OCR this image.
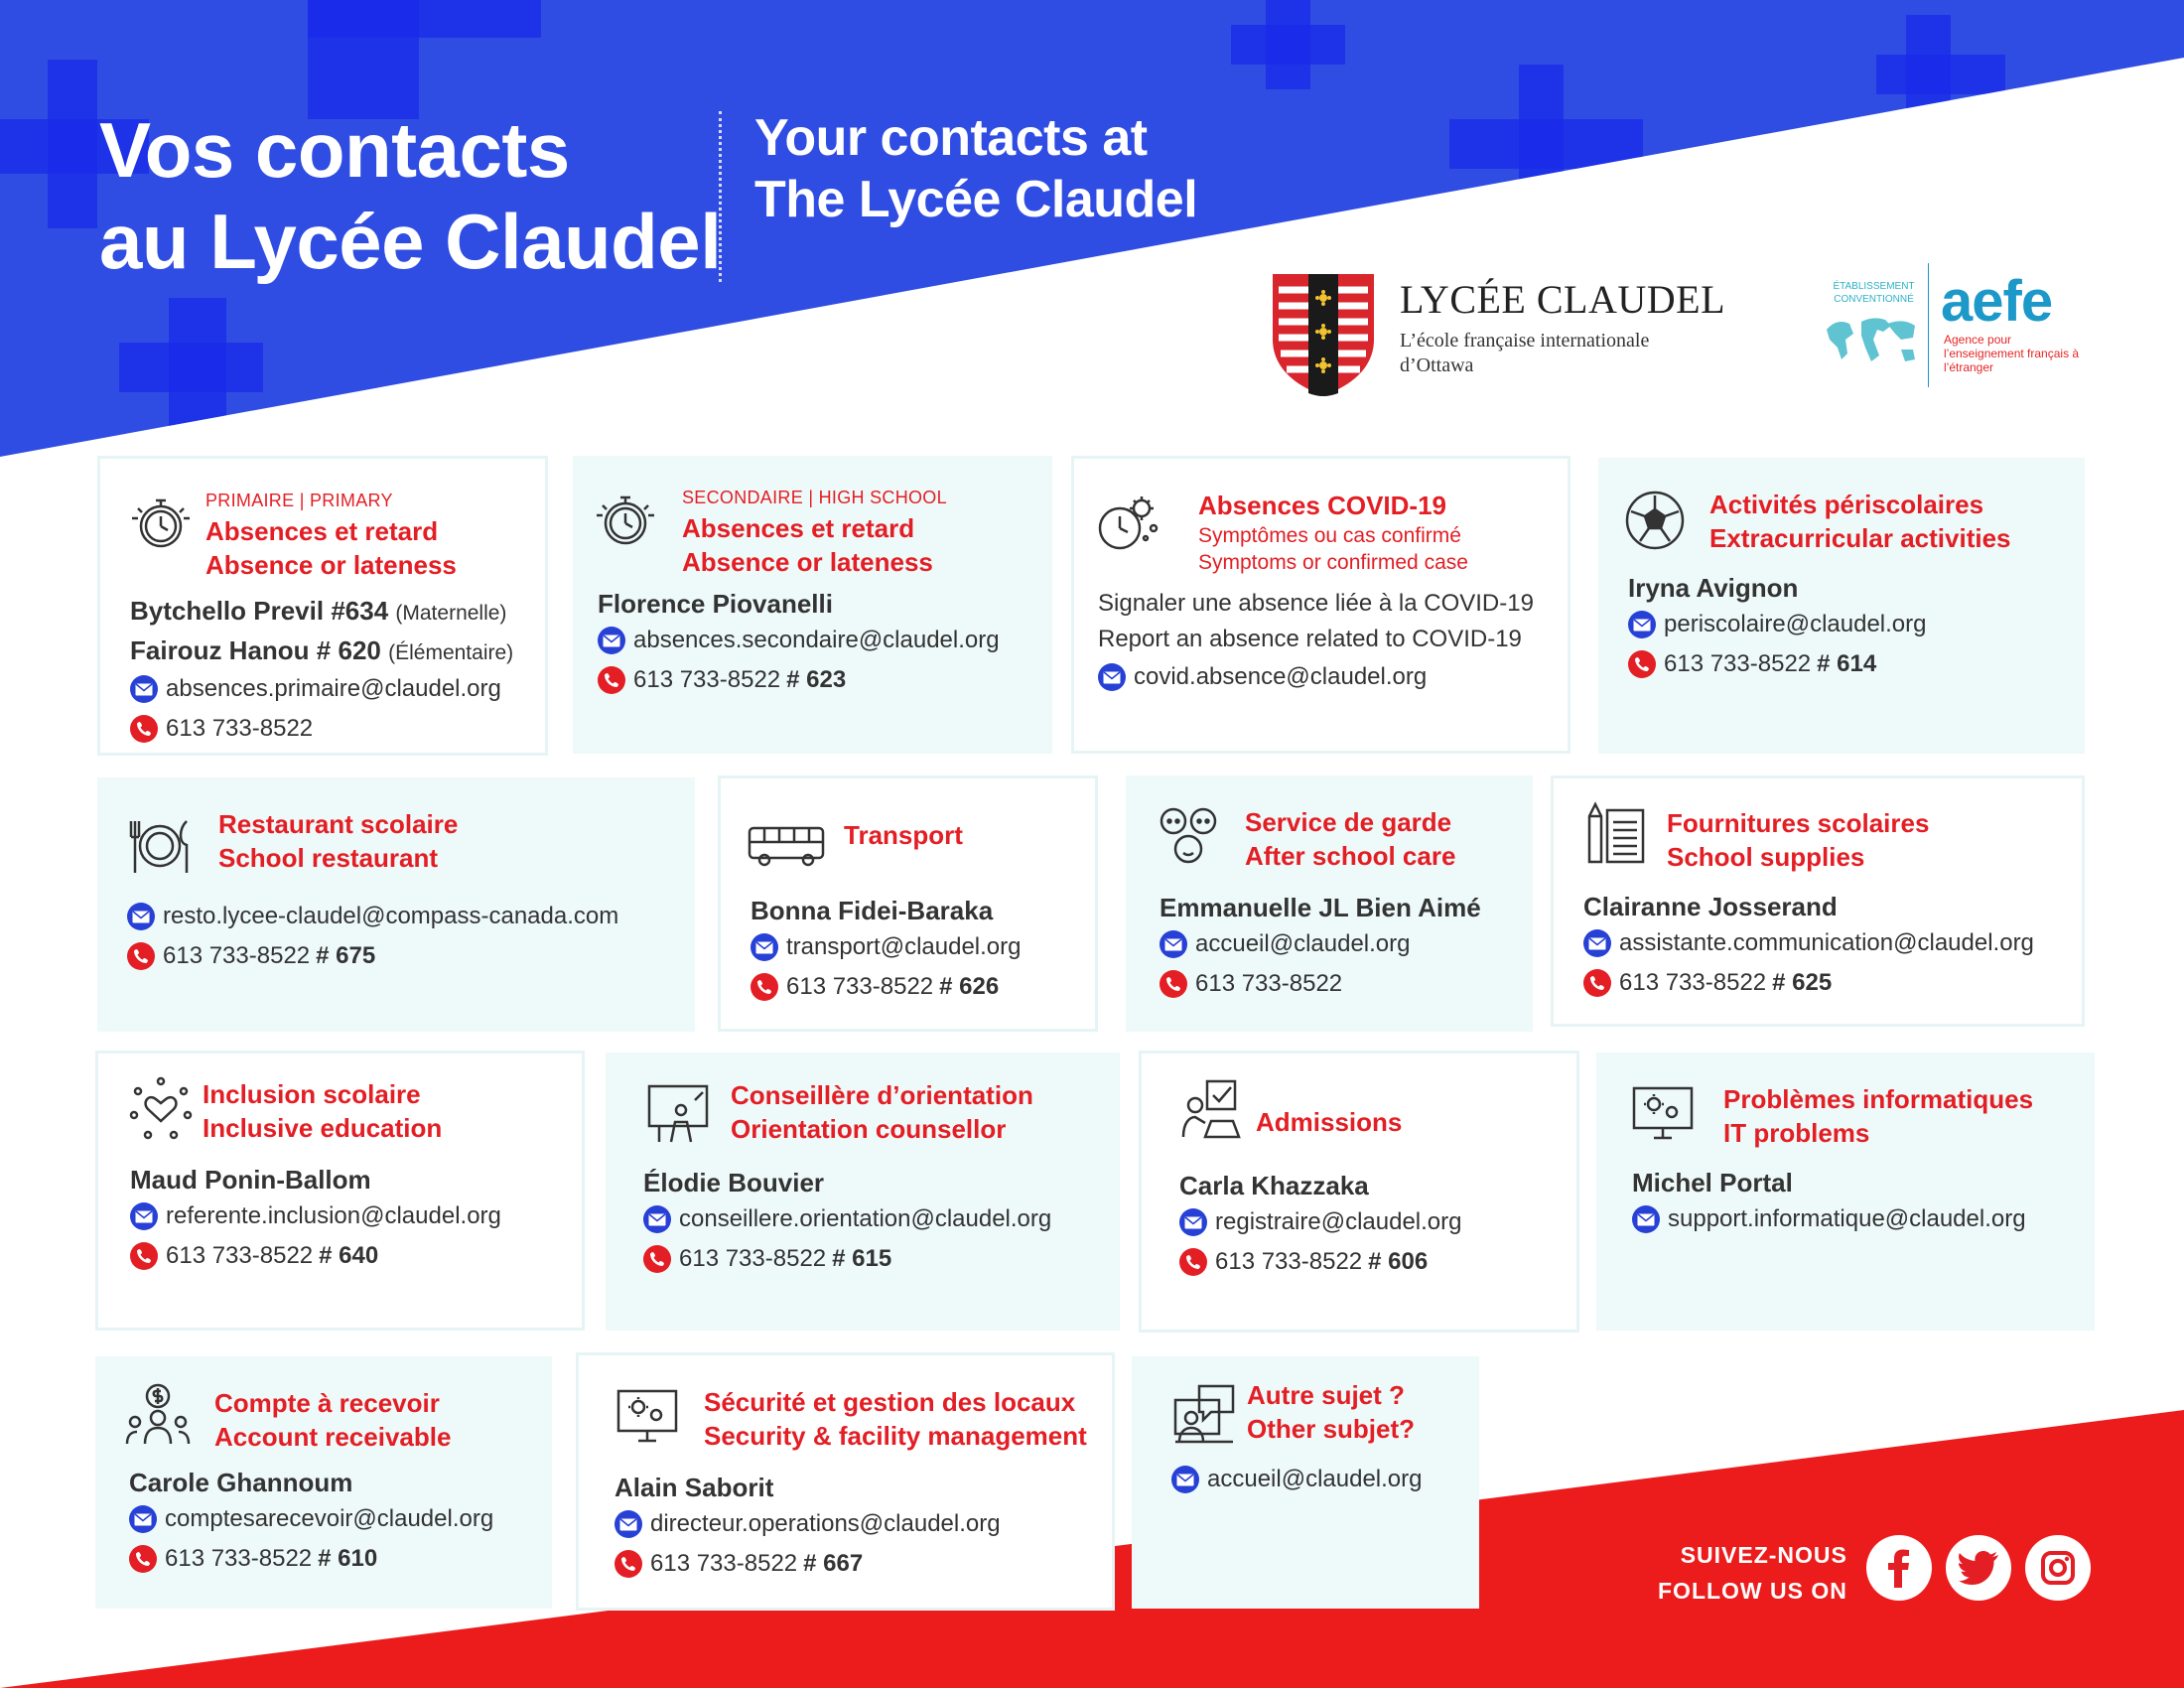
Vos contacts
au Lycée Claudel
Your contacts at
The Lycée Claudel
LYCÉE CLAUDEL
L’école française internationale
d’Ottawa
ÉTABLISSEMENT CONVENTIONNÉ aefe
Agence pour l’enseignement français à l’étranger
PRIMAIRE | PRIMARY
Absences et retard
Absence or lateness
Bytchello Previl #634 (Maternelle)
Fairouz Hanou # 620 (Élémentaire)
absences.primaire@claudel.org
613 733-8522
SECONDAIRE | HIGH SCHOOL
Absences et retard
Absence or lateness
Florence Piovanelli
absences.secondaire@claudel.org
613 733-8522 # 623
Absences COVID-19
Symptômes ou cas confirmé
Symptoms or confirmed case
Signaler une absence liée à la COVID-19
Report an absence related to COVID-19
covid.absence@claudel.org
Activités périscolaires
Extracurricular activities
Iryna Avignon
periscolaire@claudel.org
613 733-8522 # 614
Restaurant scolaire
School restaurant
resto.lycee-claudel@compass-canada.com
613 733-8522 # 675
Transport
Bonna Fidei-Baraka
transport@claudel.org
613 733-8522 # 626
Service de garde
After school care
Emmanuelle JL Bien Aimé
accueil@claudel.org
613 733-8522
Fournitures scolaires
School supplies
Clairanne Josserand
assistante.communication@claudel.org
613 733-8522 # 625
Inclusion scolaire
Inclusive education
Maud Ponin-Ballom
referente.inclusion@claudel.org
613 733-8522 # 640
Conseillère d’orientation
Orientation counsellor
Élodie Bouvier
conseillere.orientation@claudel.org
613 733-8522 # 615
Admissions
Carla Khazzaka
registraire@claudel.org
613 733-8522 # 606
Problèmes informatiques
IT problems
Michel Portal
support.informatique@claudel.org
Compte à recevoir
Account receivable
Carole Ghannoum
comptesarecevoir@claudel.org
613 733-8522 # 610
Sécurité et gestion des locaux
Security & facility management
Alain Saborit
directeur.operations@claudel.org
613 733-8522 # 667
Autre sujet ?
Other subjet?
accueil@claudel.org
SUIVEZ-NOUS
FOLLOW US ON
